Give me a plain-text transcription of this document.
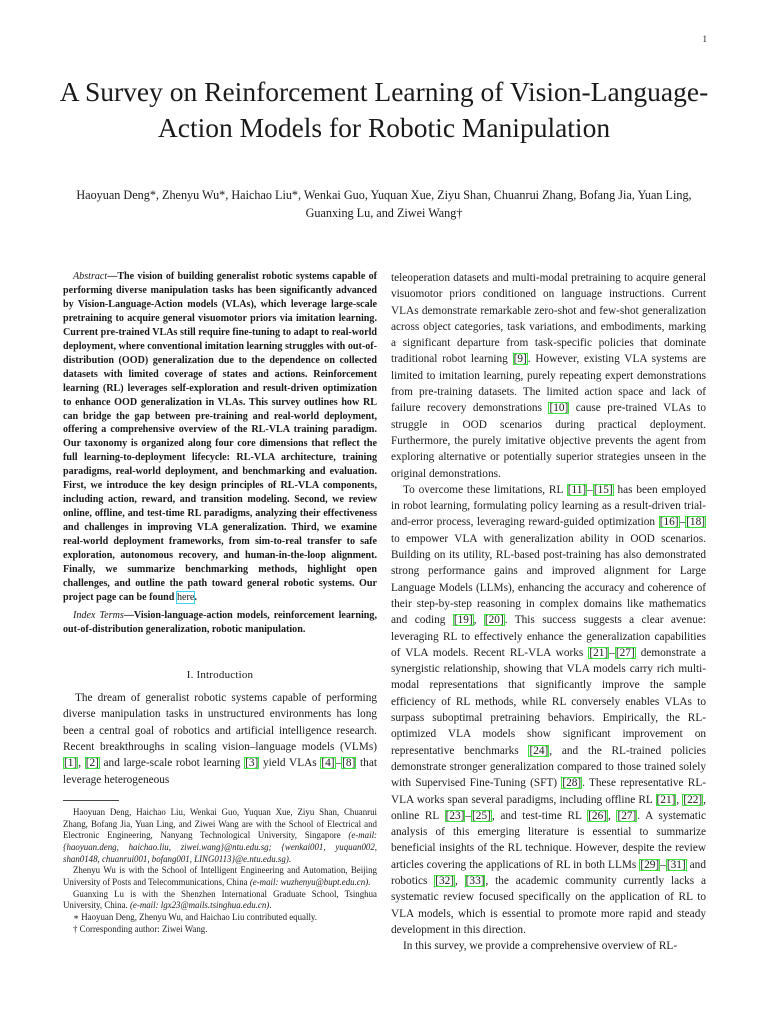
1
A Survey on Reinforcement Learning of Vision-Language-Action Models for Robotic Manipulation

Haoyuan Deng*, Zhenyu Wu*, Haichao Liu*, Wenkai Guo, Yuquan Xue, Ziyu Shan, Chuanrui Zhang, Bofang Jia, Yuan Ling, Guanxing Lu, and Ziwei Wang†

Abstract—The vision of building generalist robotic systems capable of performing diverse manipulation tasks has been significantly advanced by Vision-Language-Action models (VLAs), which leverage large-scale pretraining to acquire general visuomotor priors via imitation learning. Current pre-trained VLAs still require fine-tuning to adapt to real-world deployment, where conventional imitation learning struggles with out-of-distribution (OOD) generalization due to the dependence on collected datasets with limited coverage of states and actions. Reinforcement learning (RL) leverages self-exploration and result-driven optimization to enhance OOD generalization in VLAs. This survey outlines how RL can bridge the gap between pre-training and real-world deployment, offering a comprehensive overview of the RL-VLA training paradigm. Our taxonomy is organized along four core dimensions that reflect the full learning-to-deployment lifecycle: RL-VLA architecture, training paradigms, real-world deployment, and benchmarking and evaluation. First, we introduce the key design principles of RL-VLA components, including action, reward, and transition modeling. Second, we review online, offline, and test-time RL paradigms, analyzing their effectiveness and challenges in improving VLA generalization. Third, we examine real-world deployment frameworks, from sim-to-real transfer to safe exploration, autonomous recovery, and human-in-the-loop alignment. Finally, we summarize benchmarking methods, highlight open challenges, and outline the path toward general robotic systems. Our project page can be found here.

Index Terms—Vision-language-action models, reinforcement learning, out-of-distribution generalization, robotic manipulation.

I. Introduction

The dream of generalist robotic systems capable of performing diverse manipulation tasks in unstructured environments has long been a central goal of robotics and artificial intelligence research. Recent breakthroughs in scaling vision–language models (VLMs) [1], [2] and large-scale robot learning [3] yield VLAs [4]–[8] that leverage heterogeneous

Haoyuan Deng, Haichao Liu, Wenkai Guo, Yuquan Xue, Ziyu Shan, Chuanrui Zhang, Bofang Jia, Yuan Ling, and Ziwei Wang are with the School of Electrical and Electronic Engineering, Nanyang Technological University, Singapore (e-mail: {haoyuan.deng, haichao.liu, ziwei.wang}@ntu.edu.sg; {wenkai001, yuquan002, shan0148, chuanrui001, bofang001, LING0113}@e.ntu.edu.sg).

Zhenyu Wu is with the School of Intelligent Engineering and Automation, Beijing University of Posts and Telecommunications, China (e-mail: wuzhenyu@bupt.edu.cn).

Guanxing Lu is with the Shenzhen International Graduate School, Tsinghua University, China. (e-mail: lgx23@mails.tsinghua.edu.cn).

∗ Haoyuan Deng, Zhenyu Wu, and Haichao Liu contributed equally.

† Corresponding author: Ziwei Wang.

teleoperation datasets and multi-modal pretraining to acquire general visuomotor priors conditioned on language instructions. Current VLAs demonstrate remarkable zero-shot and few-shot generalization across object categories, task variations, and embodiments, marking a significant departure from task-specific policies that dominate traditional robot learning [9]. However, existing VLA systems are limited to imitation learning, purely repeating expert demonstrations from pre-training datasets. The limited action space and lack of failure recovery demonstrations [10] cause pre-trained VLAs to struggle in OOD scenarios during practical deployment. Furthermore, the purely imitative objective prevents the agent from exploring alternative or potentially superior strategies unseen in the original demonstrations.

To overcome these limitations, RL [11]–[15] has been employed in robot learning, formulating policy learning as a result-driven trial-and-error process, leveraging reward-guided optimization [16]–[18] to empower VLA with generalization ability in OOD scenarios. Building on its utility, RL-based post-training has also demonstrated strong performance gains and improved alignment for Large Language Models (LLMs), enhancing the accuracy and coherence of their step-by-step reasoning in complex domains like mathematics and coding [19], [20]. This success suggests a clear avenue: leveraging RL to effectively enhance the generalization capabilities of VLA models. Recent RL-VLA works [21]–[27] demonstrate a synergistic relationship, showing that VLA models carry rich multi-modal representations that significantly improve the sample efficiency of RL methods, while RL conversely enables VLAs to surpass suboptimal pretraining behaviors. Empirically, the RL-optimized VLA models show significant improvement on representative benchmarks [24], and the RL-trained policies demonstrate stronger generalization compared to those trained solely with Supervised Fine-Tuning (SFT) [28]. These representative RL-VLA works span several paradigms, including offline RL [21], [22], online RL [23]–[25], and test-time RL [26], [27]. A systematic analysis of this emerging literature is essential to summarize beneficial insights of the RL technique. However, despite the review articles covering the applications of RL in both LLMs [29]–[31] and robotics [32], [33], the academic community currently lacks a systematic review focused specifically on the application of RL to VLA models, which is essential to promote more rapid and steady development in this direction.

In this survey, we provide a comprehensive overview of RL-
